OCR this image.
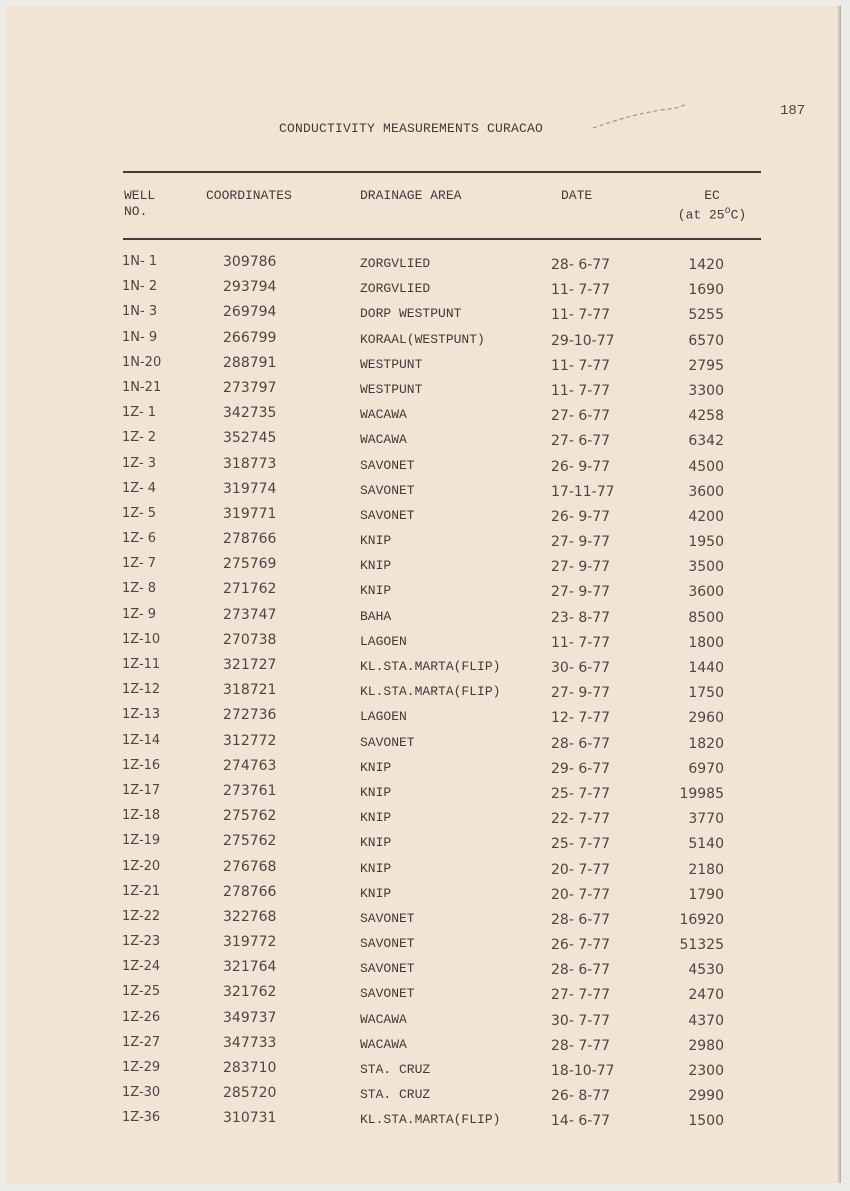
187
CONDUCTIVITY MEASUREMENTS CURACAO
WELL
NO.
COORDINATES	DRAINAGE AREA	DATE	EC
(at 25$^o$C)
1N- 1	309786	ZORGVLIED	28- 6-77	1420
1N- 2	293794	ZORGVLIED	11- 7-77	1690
1N- 3	269794	DORP WESTPUNT	11- 7-77	5255
1N- 9	266799	KORAAL(WESTPUNT)	29-10-77	6570
1N-20	288791	WESTPUNT	11- 7-77	2795
1N-21	273797	WESTPUNT	11- 7-77	3300
1Z- 1	342735	WACAWA	27- 6-77	4258
1Z- 2	352745	WACAWA	27- 6-77	6342
1Z- 3	318773	SAVONET	26- 9-77	4500
1Z- 4	319774	SAVONET	17-11-77	3600
1Z- 5	319771	SAVONET	26- 9-77	4200
1Z- 6	278766	KNIP	27- 9-77	1950
1Z- 7	275769	KNIP	27- 9-77	3500
1Z- 8	271762	KNIP	27- 9-77	3600
1Z- 9	273747	BAHA	23- 8-77	8500
1Z-10	270738	LAGOEN	11- 7-77	1800
1Z-11	321727	KL.STA.MARTA(FLIP)	30- 6-77	1440
1Z-12	318721	KL.STA.MARTA(FLIP)	27- 9-77	1750
1Z-13	272736	LAGOEN	12- 7-77	2960
1Z-14	312772	SAVONET	28- 6-77	1820
1Z-16	274763	KNIP	29- 6-77	6970
1Z-17	273761	KNIP	25- 7-77	19985
1Z-18	275762	KNIP	22- 7-77	3770
1Z-19	275762	KNIP	25- 7-77	5140
1Z-20	276768	KNIP	20- 7-77	2180
1Z-21	278766	KNIP	20- 7-77	1790
1Z-22	322768	SAVONET	28- 6-77	16920
1Z-23	319772	SAVONET	26- 7-77	51325
1Z-24	321764	SAVONET	28- 6-77	4530
1Z-25	321762	SAVONET	27- 7-77	2470
1Z-26	349737	WACAWA	30- 7-77	4370
1Z-27	347733	WACAWA	28- 7-77	2980
1Z-29	283710	STA. CRUZ	18-10-77	2300
1Z-30	285720	STA. CRUZ	26- 8-77	2990
1Z-36	310731	KL.STA.MARTA(FLIP)	14- 6-77	1500
